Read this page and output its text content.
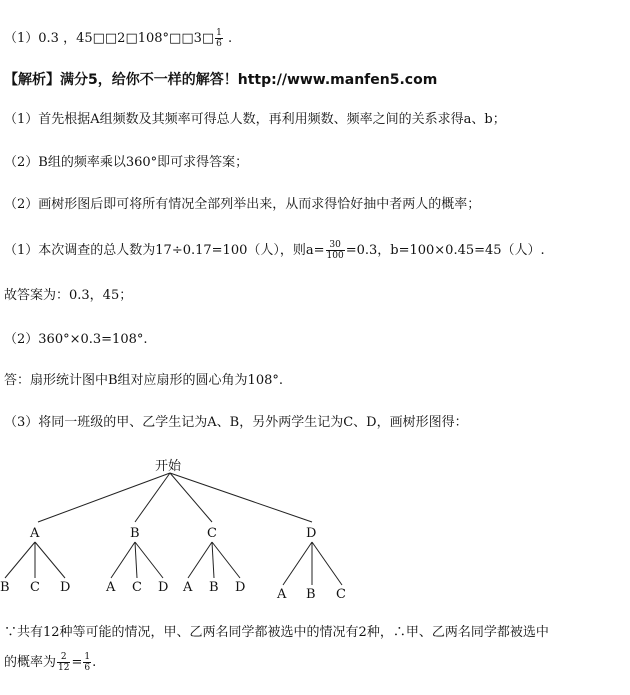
（1）0.3 ，45□□2□108°□□3□ $\frac{1}{6}$ .
【解析】满分5，给你不一样的解答！http://www.manfen5.com
（1）首先根据A组频数及其频率可得总人数，再利用频数、频率之间的关系求得a、b；
（2）B组的频率乘以360°即可求得答案；
（2）画树形图后即可将所有情况全部列举出来，从而求得恰好抽中者两人的概率；
（1）本次调查的总人数为17÷0.17=100（人），则$a= \frac{30}{100} =0.3$，b=100×0.45=45（人）.
故答案为：0.3，45；
（2）360°×0.3=108°.
答：扇形统计图中B组对应扇形的圆心角为108°.
（3）将同一班级的甲、乙学生记为A、B，另外两学生记为C、D，画树形图得：
开始
A	B	C	D
B C D	A C D A B D A B C
∵共有12种等可能的情况，甲、乙两名同学都被选中的情况有2种，∴甲、乙两名同学都被选中
的概率为 $\frac{2}{12} = \frac{1}{6}$ .
